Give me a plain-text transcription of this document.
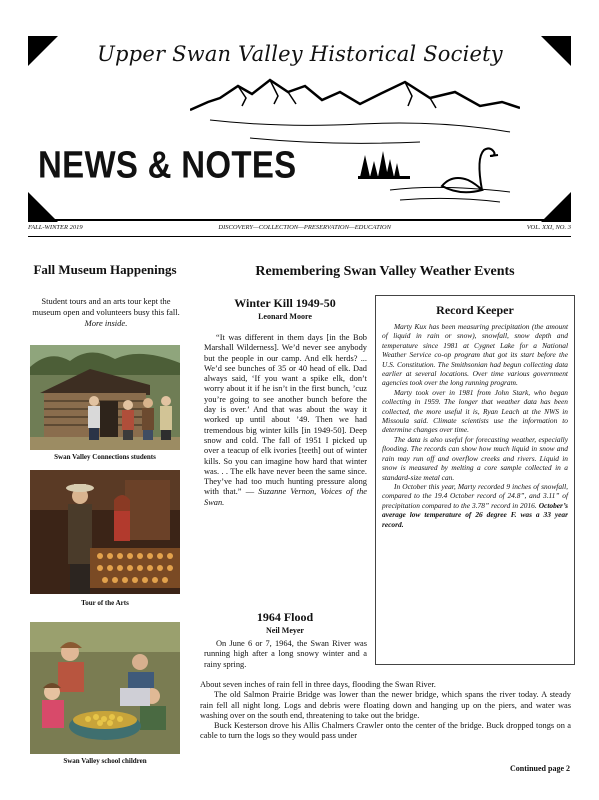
Upper Swan Valley Historical Society
NEWS & NOTES
FALL-WINTER 2019	DISCOVERY—COLLECTION—PRESERVATION—EDUCATION	VOL. XXI, NO. 3
Fall Museum Happenings
Student tours and an arts tour kept the museum open and volunteers busy this fall. More inside.
Swan Valley Connections students
Tour of the Arts
Swan Valley school children
Remembering Swan Valley Weather Events
Winter Kill 1949-50
Leonard Moore

“It was different in them days [in the Bob Marshall Wilderness]. We’d never see anybody but the people in our camp. And elk herds? ... We’d see bunches of 35 or 40 head of elk. Dad always said, ‘If you want a spike elk, don’t worry about it if he isn’t in the first bunch, ’cuz you’re going to see another bunch before the day is over.’ And that was about the way it worked up until about ’49. Then we had tremendous big winter kills [in 1949-50]. Deep snow and cold. The fall of 1951 I picked up over a teacup of elk ivories [teeth] out of winter kills. So you can imagine how hard that winter was. . . The elk have never been the same since. They’ve had too much hunting pressure along with that.” — Suzanne Vernon, Voices of the Swan.

1964 Flood
Neil Meyer

On June 6 or 7, 1964, the Swan River was running high after a long snowy winter and a rainy spring.

About seven inches of rain fell in three days, flooding the Swan River.

The old Salmon Prairie Bridge was lower than the newer bridge, which spans the river today. A steady rain fell all night long. Logs and debris were floating down and hanging up on the piers, and water was washing over on the south end, threatening to take out the bridge.

Buck Kesterson drove his Allis Chalmers Crawler onto the center of the bridge. Buck dropped tongs on a cable to turn the logs so they would pass under

Continued page 2
Record Keeper

Marty Kux has been measuring precipitation (the amount of liquid in rain or snow), snowfall, snow depth and temperature since 1981 at Cygnet Lake for a National Weather Service co-op program that got its start before the U.S. Constitution. The Smithsonian had begun collecting data earlier at several locations. Over time various government agencies took over the long running program.

Marty took over in 1981 from John Stark, who began collecting in 1959. The longer that weather data has been collected, the more useful it is, Ryan Leach at the NWS in Missoula said. Climate scientists use the information to determine changes over time.

The data is also useful for forecasting weather, especially flooding. The records can show how much liquid in snow and rain may run off and overflow creeks and rivers. Liquid in snow is measured by melting a core sample collected in a standard-size metal can.

In October this year, Marty recorded 9 inches of snowfall, compared to the 19.4 October record of 24.8”, and 3.11” of precipitation compared to the 3.78” record in 2016. October’s average low temperature of 26 degree F. was a 33 year record.
